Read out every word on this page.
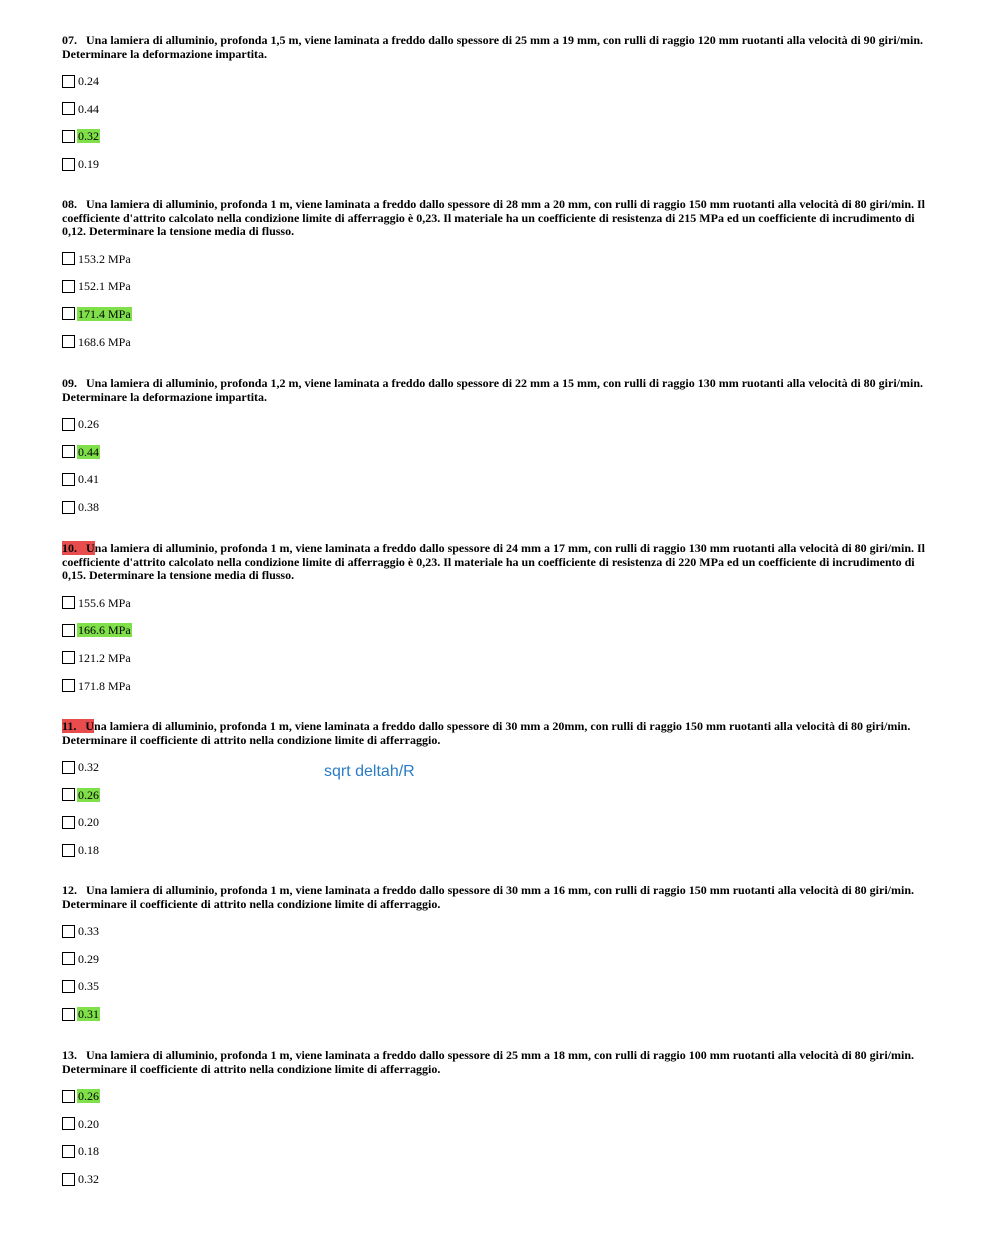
07. Una lamiera di alluminio, profonda 1,5 m, viene laminata a freddo dallo spessore di 25 mm a 19 mm, con rulli di raggio 120 mm ruotanti alla velocità di 90 giri/min. Determinare la deformazione impartita.

0.24
0.44
0.32
0.19

08. Una lamiera di alluminio, profonda 1 m, viene laminata a freddo dallo spessore di 28 mm a 20 mm, con rulli di raggio 150 mm ruotanti alla velocità di 80 giri/min. Il coefficiente d'attrito calcolato nella condizione limite di afferraggio è 0,23. Il materiale ha un coefficiente di resistenza di 215 MPa ed un coefficiente di incrudimento di 0,12. Determinare la tensione media di flusso.

153.2 MPa
152.1 MPa
171.4 MPa
168.6 MPa

09. Una lamiera di alluminio, profonda 1,2 m, viene laminata a freddo dallo spessore di 22 mm a 15 mm, con rulli di raggio 130 mm ruotanti alla velocità di 80 giri/min. Determinare la deformazione impartita.

0.26
0.44
0.41
0.38

10. Una lamiera di alluminio, profonda 1 m, viene laminata a freddo dallo spessore di 24 mm a 17 mm, con rulli di raggio 130 mm ruotanti alla velocità di 80 giri/min. Il coefficiente d'attrito calcolato nella condizione limite di afferraggio è 0,23. Il materiale ha un coefficiente di resistenza di 220 MPa ed un coefficiente di incrudimento di 0,15. Determinare la tensione media di flusso.

155.6 MPa
166.6 MPa
121.2 MPa
171.8 MPa

11. Una lamiera di alluminio, profonda 1 m, viene laminata a freddo dallo spessore di 30 mm a 20mm, con rulli di raggio 150 mm ruotanti alla velocità di 80 giri/min. Determinare il coefficiente di attrito nella condizione limite di afferraggio.

0.32
0.26
0.20
0.18

12. Una lamiera di alluminio, profonda 1 m, viene laminata a freddo dallo spessore di 30 mm a 16 mm, con rulli di raggio 150 mm ruotanti alla velocità di 80 giri/min. Determinare il coefficiente di attrito nella condizione limite di afferraggio.

0.33
0.29
0.35
0.31

13. Una lamiera di alluminio, profonda 1 m, viene laminata a freddo dallo spessore di 25 mm a 18 mm, con rulli di raggio 100 mm ruotanti alla velocità di 80 giri/min. Determinare il coefficiente di attrito nella condizione limite di afferraggio.

0.26
0.20
0.18
0.32
sqrt deltah/R
